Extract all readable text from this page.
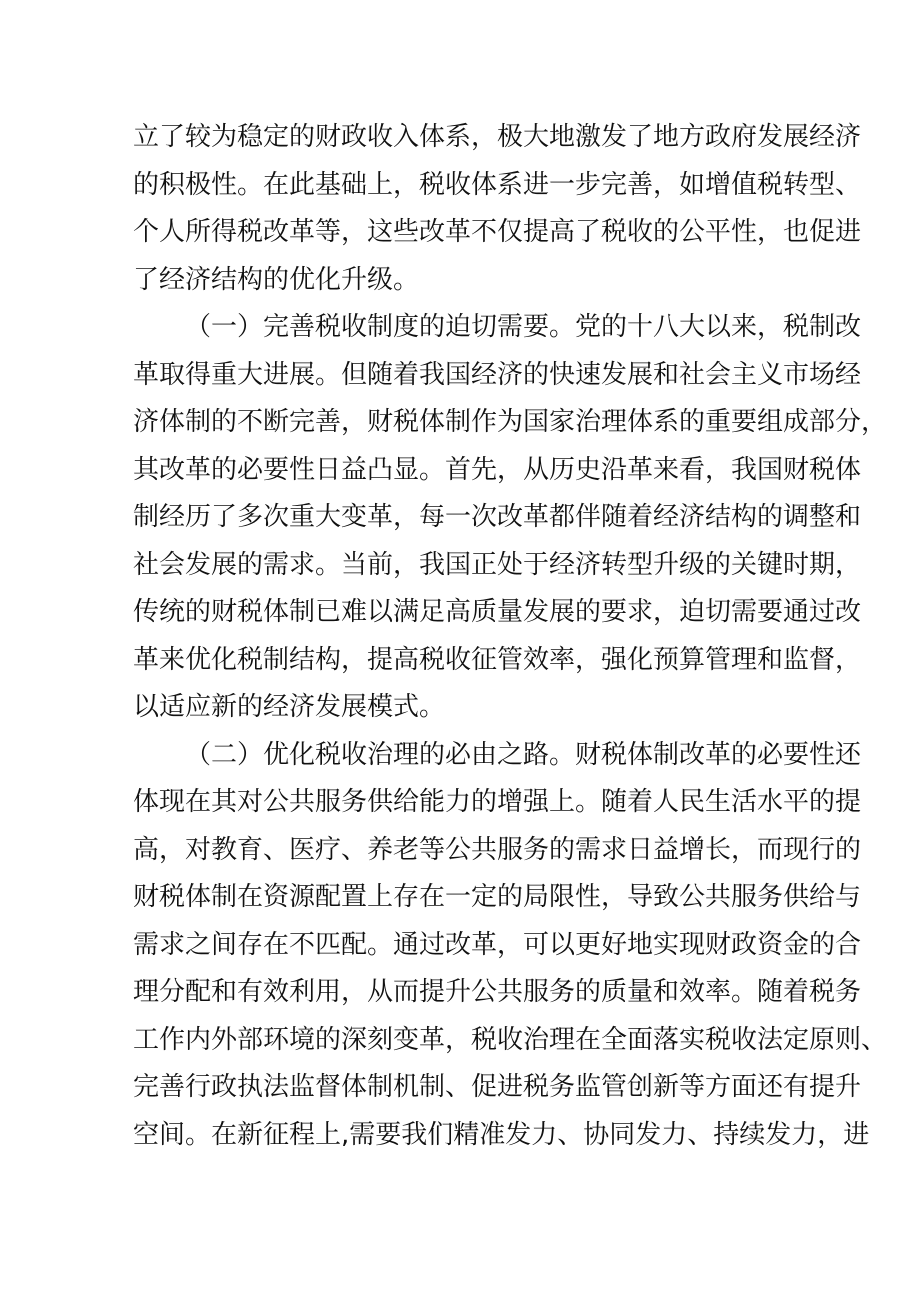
立了较为稳定的财政收入体系，极大地激发了地方政府发展经济
的积极性。在此基础上，税收体系进一步完善，如增值税转型、
个人所得税改革等，这些改革不仅提高了税收的公平性，也促进
了经济结构的优化升级。
（一）完善税收制度的迫切需要。党的十八大以来，税制改
革取得重大进展。但随着我国经济的快速发展和社会主义市场经
济体制的不断完善，财税体制作为国家治理体系的重要组成部分，
其改革的必要性日益凸显。首先，从历史沿革来看，我国财税体
制经历了多次重大变革，每一次改革都伴随着经济结构的调整和
社会发展的需求。当前，我国正处于经济转型升级的关键时期，
传统的财税体制已难以满足高质量发展的要求，迫切需要通过改
革来优化税制结构，提高税收征管效率，强化预算管理和监督，
以适应新的经济发展模式。
（二）优化税收治理的必由之路。财税体制改革的必要性还
体现在其对公共服务供给能力的增强上。随着人民生活水平的提
高，对教育、医疗、养老等公共服务的需求日益增长，而现行的
财税体制在资源配置上存在一定的局限性，导致公共服务供给与
需求之间存在不匹配。通过改革，可以更好地实现财政资金的合
理分配和有效利用，从而提升公共服务的质量和效率。随着税务
工作内外部环境的深刻变革，税收治理在全面落实税收法定原则、
完善行政执法监督体制机制、促进税务监管创新等方面还有提升
空间。在新征程上,需要我们精准发力、协同发力、持续发力，进
